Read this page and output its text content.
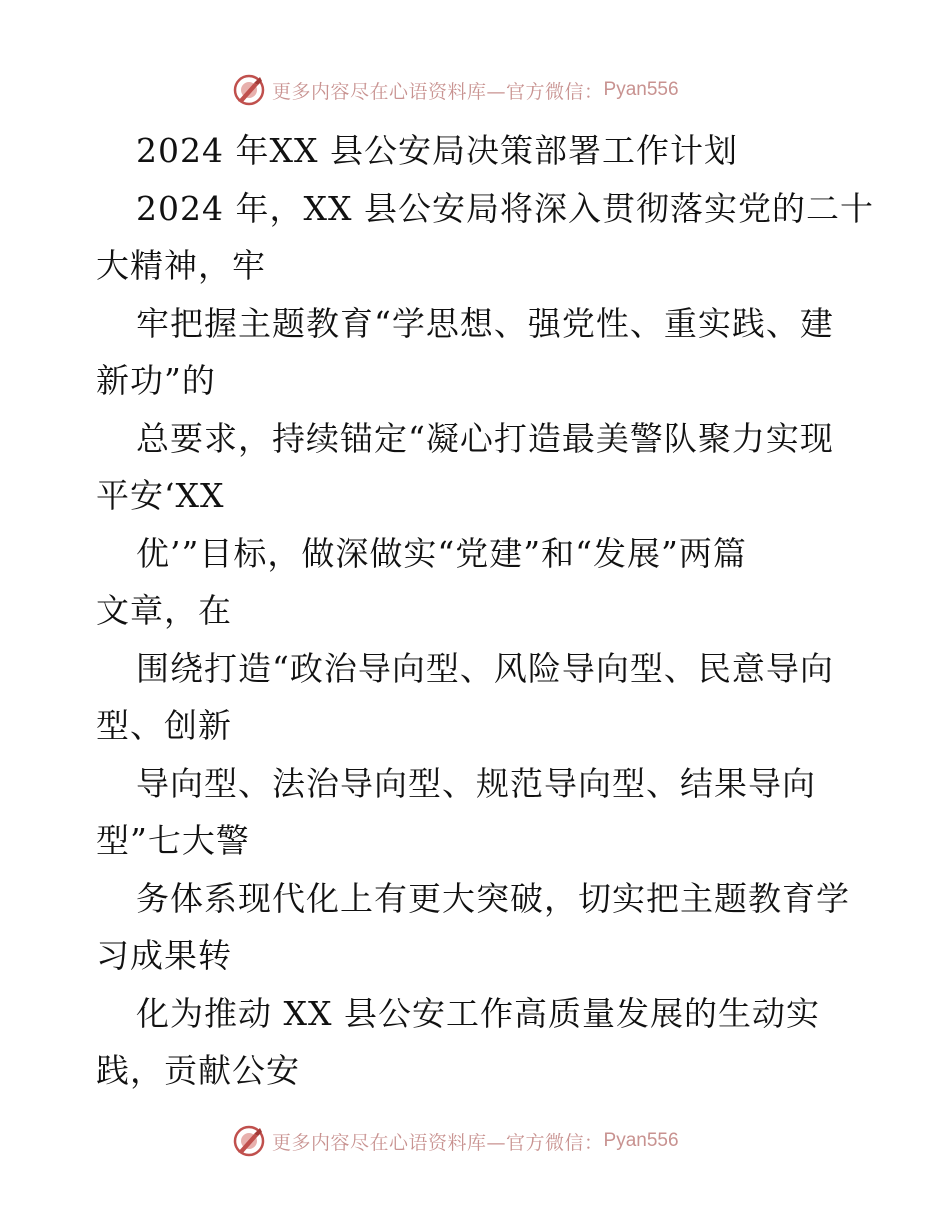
更多内容尽在心语资料库—官方微信： Pyan556
2024 年XX 县公安局决策部署工作计划
2024 年，XX 县公安局将深入贯彻落实党的二十
大精神，牢
牢把握主题教育“学思想、强党性、重实践、建
新功”的
总要求，持续锚定“凝心打造最美警队聚力实现
平安‘XX
优’”目标，做深做实“党建”和“发展”两篇
文章，在
围绕打造“政治导向型、风险导向型、民意导向
型、创新
导向型、法治导向型、规范导向型、结果导向
型”七大警
务体系现代化上有更大突破，切实把主题教育学
习成果转
化为推动 XX 县公安工作高质量发展的生动实
践，贡献公安
更多内容尽在心语资料库—官方微信： Pyan556
